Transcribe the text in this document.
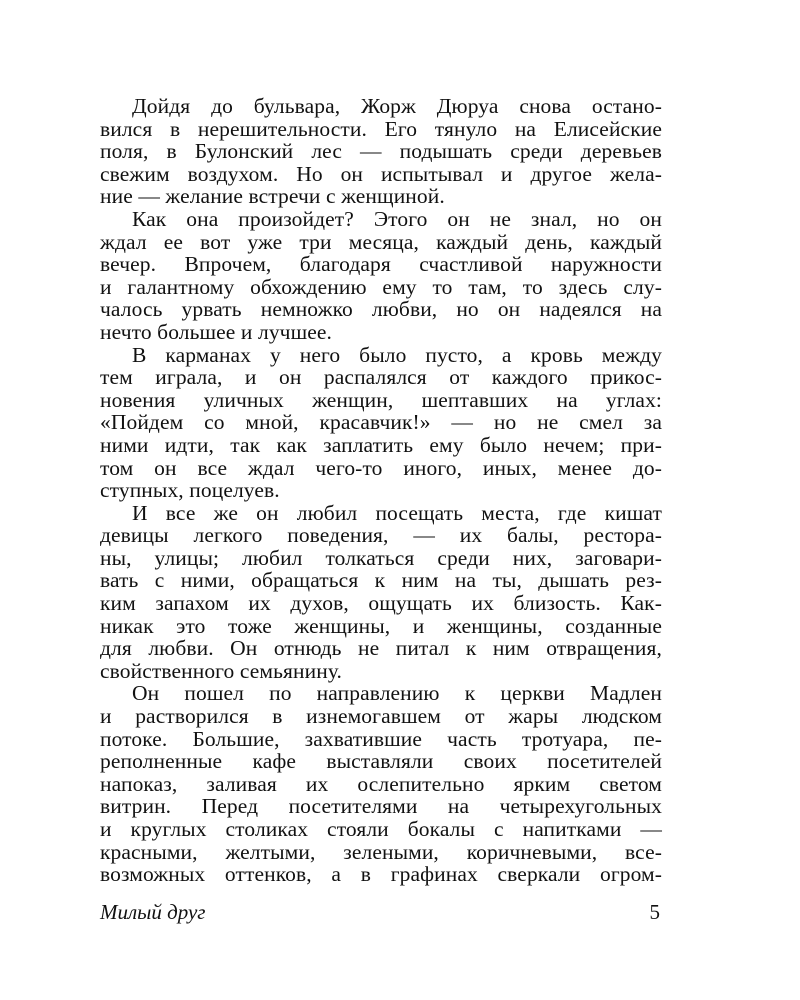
Дойдя до бульвара, Жорж Дюруа снова остано-
вился в нерешительности. Его тянуло на Елисейские
поля, в Булонский лес — подышать среди деревьев
свежим воздухом. Но он испытывал и другое жела-
ние — желание встречи с женщиной.
Как она произойдет? Этого он не знал, но он
ждал ее вот уже три месяца, каждый день, каждый
вечер. Впрочем, благодаря счастливой наружности
и галантному обхождению ему то там, то здесь слу-
чалось урвать немножко любви, но он надеялся на
нечто большее и лучшее.
В карманах у него было пусто, а кровь между
тем играла, и он распалялся от каждого прикос-
новения уличных женщин, шептавших на углах:
«Пойдем со мной, красавчик!» — но не смел за
ними идти, так как заплатить ему было нечем; при-
том он все ждал чего-то иного, иных, менее до-
ступных, поцелуев.
И все же он любил посещать места, где кишат
девицы легкого поведения, — их балы, рестора-
ны, улицы; любил толкаться среди них, заговари-
вать с ними, обращаться к ним на ты, дышать рез-
ким запахом их духов, ощущать их близость. Как-
никак это тоже женщины, и женщины, созданные
для любви. Он отнюдь не питал к ним отвращения,
свойственного семьянину.
Он пошел по направлению к церкви Мадлен
и растворился в изнемогавшем от жары людском
потоке. Большие, захватившие часть тротуара, пе-
реполненные кафе выставляли своих посетителей
напоказ, заливая их ослепительно ярким светом
витрин. Перед посетителями на четырехугольных
и круглых столиках стояли бокалы с напитками —
красными, желтыми, зелеными, коричневыми, все-
возможных оттенков, а в графинах сверкали огром-
Милый друг	5
